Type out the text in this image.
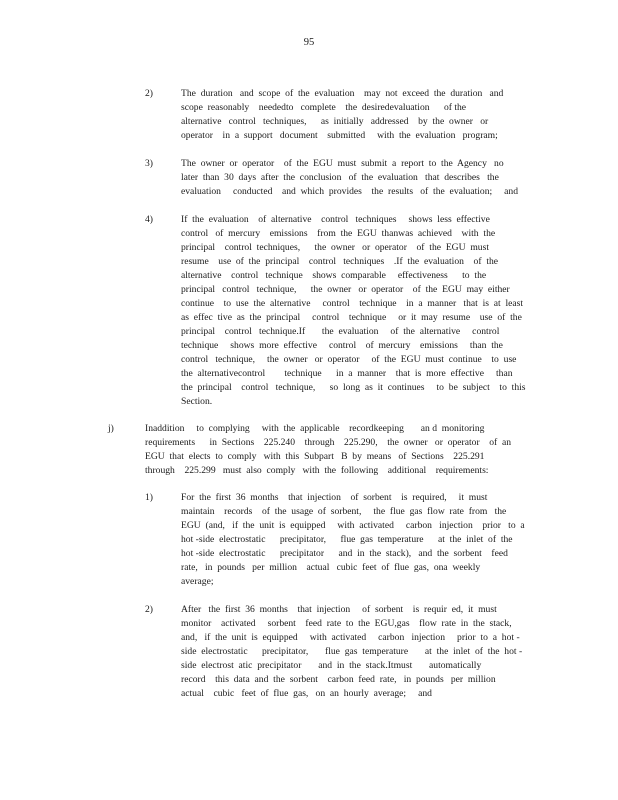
95
2)	The  duration   and  scope  of  the  evaluation    may  not  exceed  the  duration   and
scope  reasonably    neededto   complete    the  desiredevaluation      of the
alternative   control   techniques,      as  initially   addressed    by  the  owner   or
operator    in  a  support   document    submitted     with  the  evaluation   program;
3)	The  owner  or  operator    of  the  EGU  must  submit  a  report  to  the  Agency   no
later  than  30  days  after  the  conclusion   of  the  evaluation   that  describes   the
evaluation     conducted    and  which  provides    the  results   of  the  evaluation;     and
4)	If  the  evaluation    of  alternative    control   techniques     shows  less  effective
control   of  mercury    emissions    from  the  EGU  thanwas  achieved    with  the
principal    control  techniques,      the  owner   or  operator    of  the  EGU  must
resume    use  of  the  principal    control   techniques    .If  the  evaluation    of  the
alternative    control   technique    shows  comparable     effectiveness      to  the
principal   control   technique,      the  owner   or  operator    of  the  EGU  may  either
continue    to  use  the  alternative     control    technique    in  a  manner   that  is  at  least
as  effec  tive  as  the  principal     control    technique     or  it  may  resume    use  of  the
principal    control   technique.If       the  evaluation     of  the  alternative     control
technique     shows  more  effective     control    of  mercury    emissions     than  the
control   technique,     the  owner   or  operator     of  the  EGU  must  continue    to  use
the  alternativecontrol        technique      in  a  manner    that  is  more  effective     than
the  principal    control   technique,      so  long  as  it  continues     to  be  subject    to  this
Section.
j)	Inaddition     to  complying     with  the  applicable    recordkeeping       an d  monitoring
requirements      in  Sections    225.240    through    225.290,    the  owner   or  operator    of  an
EGU  that  elects  to  comply   with  this  Subpart   B  by  means   of  Sections    225.291
through    225.299   must  also  comply   with  the  following    additional    requirements:
1)	For  the  first  36  months    that  injection    of  sorbent    is  required,     it  must
maintain    records    of  the  usage  of  sorbent,     the  flue  gas  flow  rate  from   the
EGU  (and,   if  the  unit  is  equipped     with  activated     carbon   injection    prior   to  a
hot -side  electrostatic      precipitator,      flue  gas  temperature      at  the  inlet  of  the
hot -side  electrostatic      precipitator      and  in  the  stack),   and  the  sorbent    feed
rate,   in  pounds   per  million    actual   cubic  feet  of  flue  gas,  ona  weekly
average;
2)	After   the  first  36  months    that  injection     of  sorbent    is  requir  ed,  it  must
monitor    activated     sorbent    feed  rate  to  the  EGU,gas    flow  rate  in  the  stack,
and,   if  the  unit  is  equipped     with  activated     carbon   injection     prior  to  a  hot -
side  electrostatic      precipitator,       flue  gas  temperature       at  the  inlet  of  the  hot -
side  electrost  atic  precipitator       and  in  the  stack.Itmust       automatically
record    this  data  and  the  sorbent    carbon  feed  rate,   in  pounds   per  million
actual    cubic   feet  of  flue  gas,   on  an  hourly  average;     and
